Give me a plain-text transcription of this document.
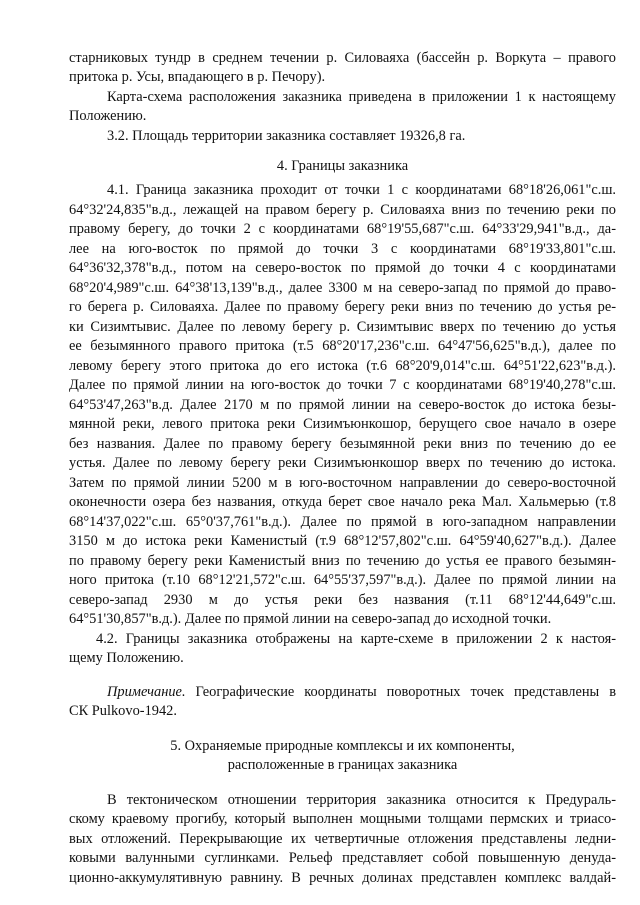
старниковых тундр в среднем течении р. Силоваяха (бассейн р. Воркута – правого
притока р. Усы, впадающего в р. Печору).
Карта-схема расположения заказника приведена в приложении 1 к настоящему
Положению.
3.2. Площадь территории заказника составляет 19326,8 га.
4. Границы заказника
4.1. Граница заказника проходит от точки 1 с координатами 68°18'26,061"с.ш.
64°32'24,835"в.д., лежащей на правом берегу р. Силоваяха вниз по течению реки по
правому берегу, до точки 2 с координатами 68°19'55,687"с.ш. 64°33'29,941"в.д., да-
лее на юго-восток по прямой до точки 3 с координатами 68°19'33,801"с.ш.
64°36'32,378"в.д., потом на северо-восток по прямой до точки 4 с координатами
68°20'4,989"с.ш. 64°38'13,139"в.д., далее 3300 м на северо-запад по прямой до право-
го берега р. Силоваяха. Далее по правому берегу реки вниз по течению до устья ре-
ки Сизимтывис. Далее по левому берегу р. Сизимтывис вверх по течению до устья
ее безымянного правого притока (т.5 68°20'17,236"с.ш. 64°47'56,625"в.д.), далее по
левому берегу этого притока до его истока (т.6 68°20'9,014"с.ш. 64°51'22,623"в.д.).
Далее по прямой линии на юго-восток до точки 7 с координатами 68°19'40,278"с.ш.
64°53'47,263"в.д. Далее 2170 м по прямой линии на северо-восток до истока безы-
мянной реки, левого притока реки Сизимъюнкошор, берущего свое начало в озере
без названия. Далее по правому берегу безымянной реки вниз по течению до ее
устья. Далее по левому берегу реки Сизимъюнкошор вверх по течению до истока.
Затем по прямой линии 5200 м в юго-восточном направлении до северо-восточной
оконечности озера без названия, откуда берет свое начало река Мал. Хальмерью (т.8
68°14'37,022"с.ш. 65°0'37,761"в.д.). Далее по прямой в юго-западном направлении
3150 м до истока реки Каменистый (т.9 68°12'57,802"с.ш. 64°59'40,627"в.д.). Далее
по правому берегу реки Каменистый вниз по течению до устья ее правого безымян-
ного притока (т.10 68°12'21,572"с.ш. 64°55'37,597"в.д.). Далее по прямой линии на
северо-запад 2930 м до устья реки без названия (т.11 68°12'44,649"с.ш.
64°51'30,857"в.д.). Далее по прямой линии на северо-запад до исходной точки.
4.2. Границы заказника отображены на карте-схеме в приложении 2 к настоя-
щему Положению.
Примечание. Географические координаты поворотных точек представлены в
СК Pulkovo-1942.
5. Охраняемые природные комплексы и их компоненты,
расположенные в границах заказника
В тектоническом отношении территория заказника относится к Предураль-
скому краевому прогибу, который выполнен мощными толщами пермских и триасо-
вых отложений. Перекрывающие их четвертичные отложения представлены ледни-
ковыми валунными суглинками. Рельеф представляет собой повышенную денуда-
ционно-аккумулятивную равнину. В речных долинах представлен комплекс валдай-
